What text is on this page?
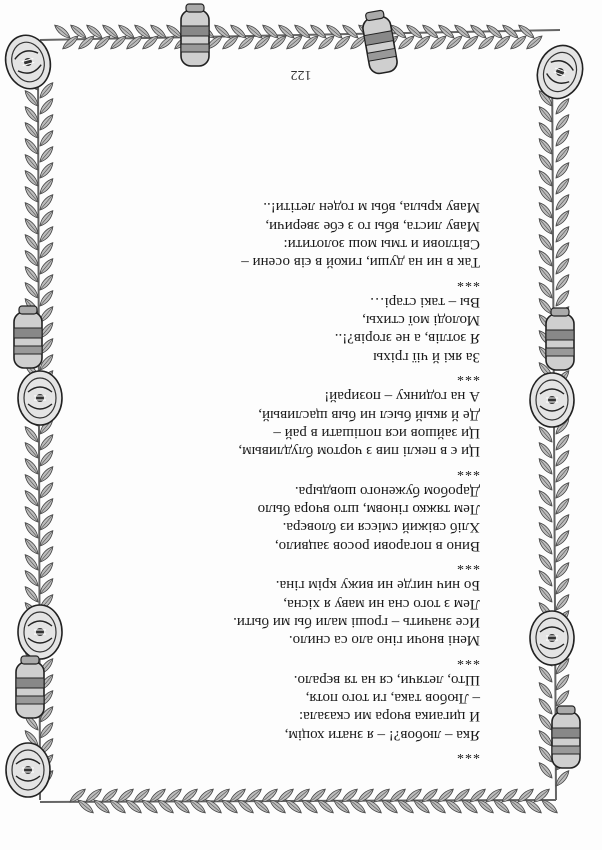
***
Яка – любов?! – я знати хоцім,
И цигаика вчора ми сказала:
– Любов така, ги того потя,
Што, летячи, ся на тя вєрало.
***
Мені вночи гіно ало са снило.
Исе значить – гроші мали бы ми быти.
Лем з того сна ни маву я хісна,
Бо нич нигде ни вижу крім гіна.
***
Вино в погарови росов зацвило,
Хліб свіжий смієся из бловєра.
Лем тяжко гіновм, што вчора было
Даробом буженого шовдыра.
***
Ци є в пеклі пив з чортом блудливым,
Ци зайшов ися попішати в рай –
Де й якый быєл ни быв щасливый,
А на годинку – позирай!
***
За які й чії гріхы
Я зотлів, а не згорів?!..
Молоді мої стихы,
Вы – такі старі…
***
Так в ни на души, гикой в єів осени –
Світлови и тмы мош золотити:
Маву листа, вбы го з єбе зверичи,
Маву крыла, вбы м годен летіти!..
122
